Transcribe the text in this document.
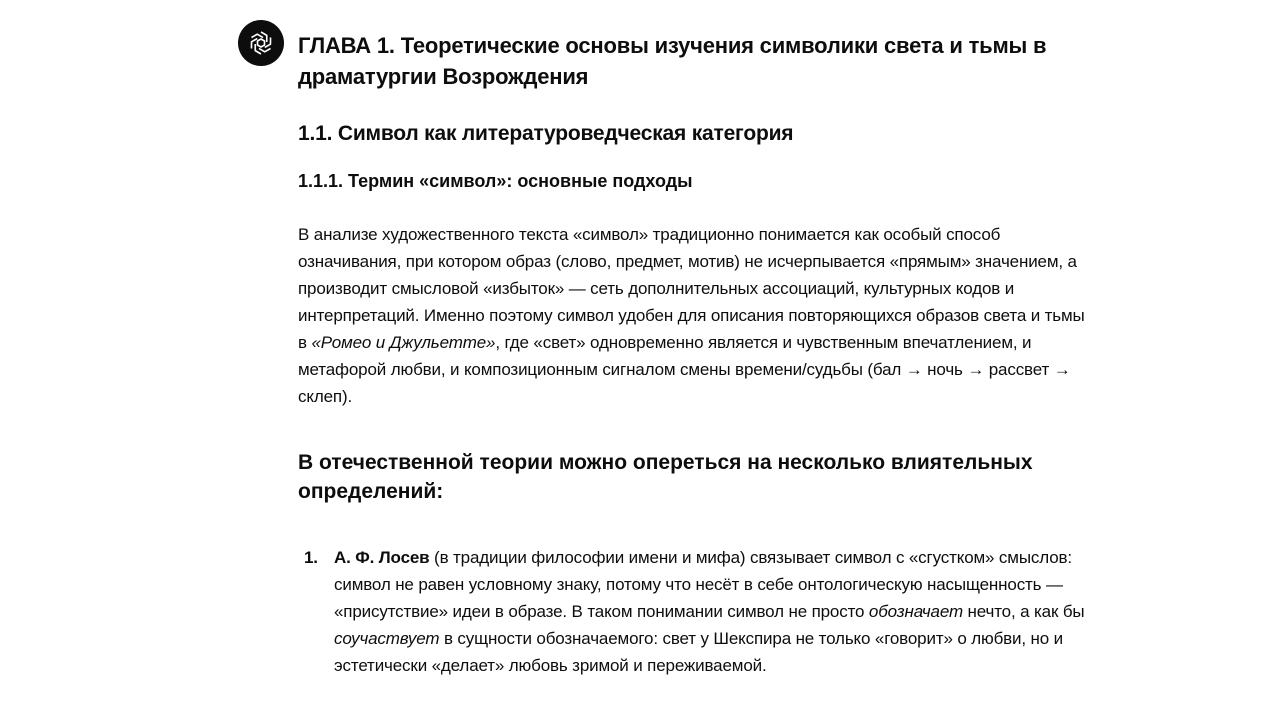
ГЛАВА 1. Теоретические основы изучения символики света и тьмы в драматургии Возрождения
1.1. Символ как литературоведческая категория
1.1.1. Термин «символ»: основные подходы

В анализе художественного текста «символ» традиционно понимается как особый способ означивания, при котором образ (слово, предмет, мотив) не исчерпывается «прямым» значением, а производит смысловой «избыток» — сеть дополнительных ассоциаций, культурных кодов и интерпретаций. Именно поэтому символ удобен для описания повторяющихся образов света и тьмы в «Ромео и Джульетте», где «свет» одновременно является и чувственным впечатлением, и метафорой любви, и композиционным сигналом смены времени/судьбы (бал → ночь → рассвет → склеп).

В отечественной теории можно опереться на несколько влиятельных определений:
1. А. Ф. Лосев (в традиции философии имени и мифа) связывает символ с «сгустком» смыслов: символ не равен условному знаку, потому что несёт в себе онтологическую насыщенность — «присутствие» идеи в образе. В таком понимании символ не просто обозначает нечто, а как бы соучаствует в сущности обозначаемого: свет у Шекспира не только «говорит» о любви, но и эстетически «делает» любовь зримой и переживаемой.
